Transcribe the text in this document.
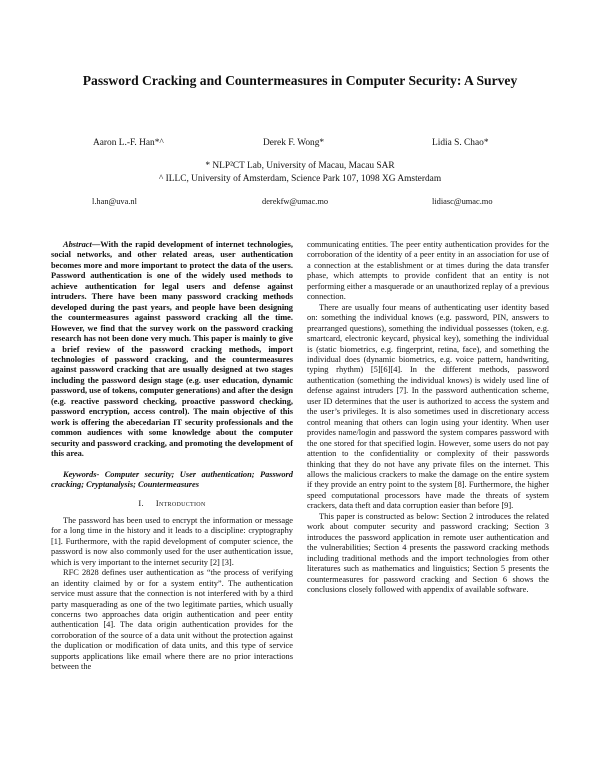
Password Cracking and Countermeasures in Computer Security: A Survey
Aaron L.-F. Han*^	Derek F. Wong*	Lidia S. Chao*
* NLP²CT Lab, University of Macau, Macau SAR
^ ILLC, University of Amsterdam, Science Park 107, 1098 XG Amsterdam
l.han@uva.nl	derekfw@umac.mo	lidiasc@umac.mo

Abstract—With the rapid development of internet technologies, social networks, and other related areas, user authentication becomes more and more important to protect the data of the users. Password authentication is one of the widely used methods to achieve authentication for legal users and defense against intruders. There have been many password cracking methods developed during the past years, and people have been designing the countermeasures against password cracking all the time. However, we find that the survey work on the password cracking research has not been done very much. This paper is mainly to give a brief review of the password cracking methods, import technologies of password cracking, and the countermeasures against password cracking that are usually designed at two stages including the password design stage (e.g. user education, dynamic password, use of tokens, computer generations) and after the design (e.g. reactive password checking, proactive password checking, password encryption, access control). The main objective of this work is offering the abecedarian IT security professionals and the common audiences with some knowledge about the computer security and password cracking, and promoting the development of this area.

Keywords- Computer security; User authentication; Password cracking; Cryptanalysis; Countermeasures

I. Introduction

The password has been used to encrypt the information or message for a long time in the history and it leads to a discipline: cryptography [1]. Furthermore, with the rapid development of computer science, the password is now also commonly used for the user authentication issue, which is very important to the internet security [2] [3].

RFC 2828 defines user authentication as “the process of verifying an identity claimed by or for a system entity”. The authentication service must assure that the connection is not interfered with by a third party masquerading as one of the two legitimate parties, which usually concerns two approaches data origin authentication and peer entity authentication [4]. The data origin authentication provides for the corroboration of the source of a data unit without the protection against the duplication or modification of data units, and this type of service supports applications like email where there are no prior interactions between the

communicating entities. The peer entity authentication provides for the corroboration of the identity of a peer entity in an association for use of a connection at the establishment or at times during the data transfer phase, which attempts to provide confident that an entity is not performing either a masquerade or an unauthorized replay of a previous connection.

There are usually four means of authenticating user identity based on: something the individual knows (e.g. password, PIN, answers to prearranged questions), something the individual possesses (token, e.g. smartcard, electronic keycard, physical key), something the individual is (static biometrics, e.g. fingerprint, retina, face), and something the individual does (dynamic biometrics, e.g. voice pattern, handwriting, typing rhythm) [5][6][4]. In the different methods, password authentication (something the individual knows) is widely used line of defense against intruders [7]. In the password authentication scheme, user ID determines that the user is authorized to access the system and the user’s privileges. It is also sometimes used in discretionary access control meaning that others can login using your identity. When user provides name/login and password the system compares password with the one stored for that specified login. However, some users do not pay attention to the confidentiality or complexity of their passwords thinking that they do not have any private files on the internet. This allows the malicious crackers to make the damage on the entire system if they provide an entry point to the system [8]. Furthermore, the higher speed computational processors have made the threats of system crackers, data theft and data corruption easier than before [9].

This paper is constructed as below: Section 2 introduces the related work about computer security and password cracking; Section 3 introduces the password application in remote user authentication and the vulnerabilities; Section 4 presents the password cracking methods including traditional methods and the import technologies from other literatures such as mathematics and linguistics; Section 5 presents the countermeasures for password cracking and Section 6 shows the conclusions closely followed with appendix of available software.
